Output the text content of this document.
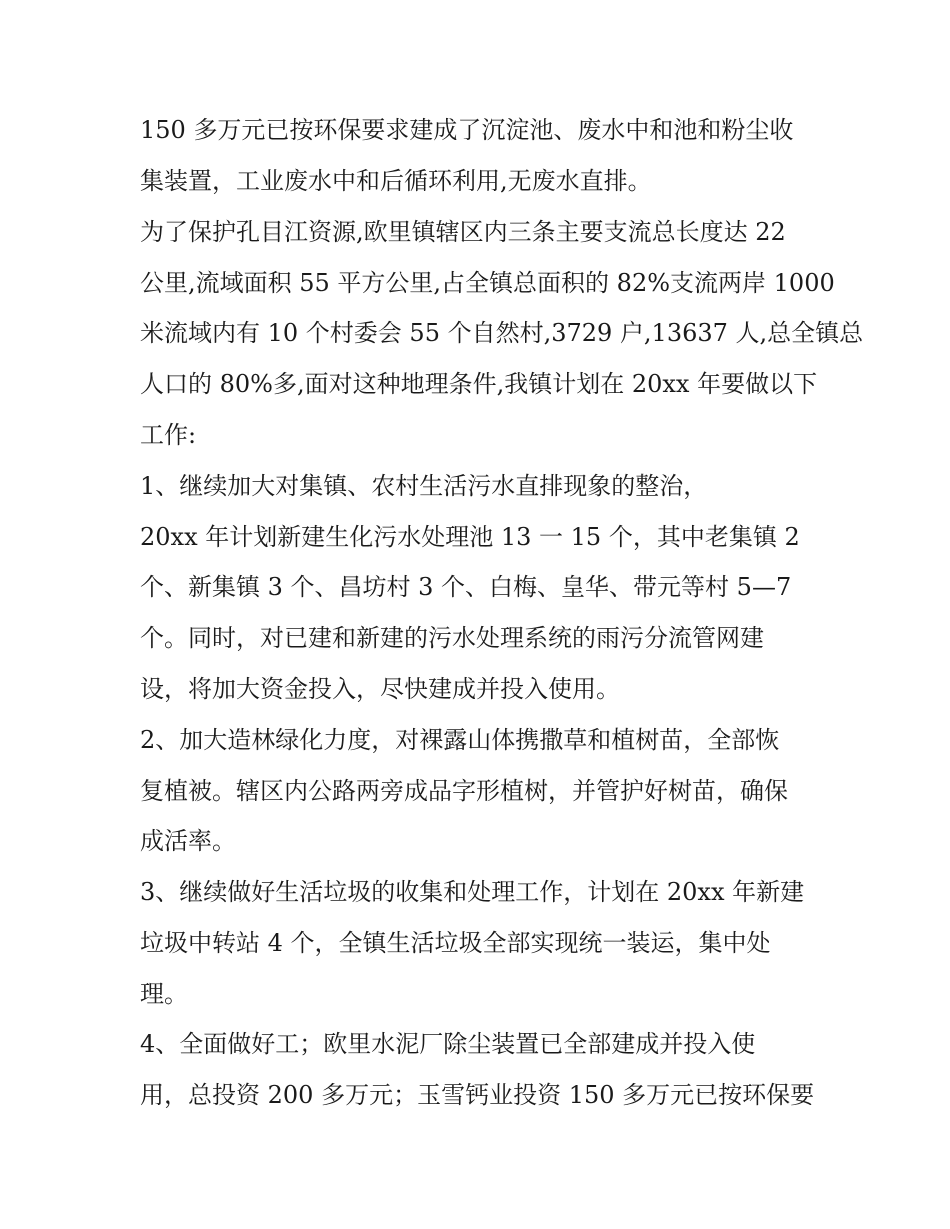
150 多万元已按环保要求建成了沉淀池、废水中和池和粉尘收
集装置，工业废水中和后循环利用,无废水直排。
为了保护孔目江资源,欧里镇辖区内三条主要支流总长度达 22
公里,流域面积 55 平方公里,占全镇总面积的 82%支流两岸 1000
米流域内有 10 个村委会 55 个自然村,3729 户,13637 人,总全镇总
人口的 80%多,面对这种地理条件,我镇计划在 20xx 年要做以下
工作:
1、继续加大对集镇、农村生活污水直排现象的整治，
20xx 年计划新建生化污水处理池 13 一 15 个，其中老集镇 2
个、新集镇 3 个、昌坊村 3 个、白梅、皇华、带元等村 5—7
个。同时，对已建和新建的污水处理系统的雨污分流管网建
设，将加大资金投入，尽快建成并投入使用。
2、加大造林绿化力度，对裸露山体携撒草和植树苗，全部恢
复植被。辖区内公路两旁成品字形植树，并管护好树苗，确保
成活率。
3、继续做好生活垃圾的收集和处理工作，计划在 20xx 年新建
垃圾中转站 4 个，全镇生活垃圾全部实现统一装运，集中处
理。
4、全面做好工；欧里水泥厂除尘装置已全部建成并投入使
用，总投资 200 多万元；玉雪钙业投资 150 多万元已按环保要
